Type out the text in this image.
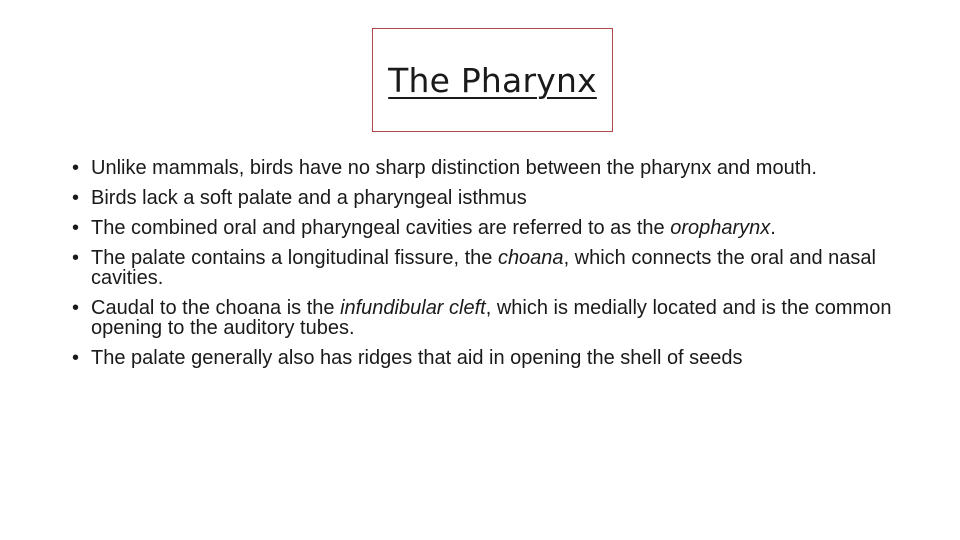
The Pharynx
• Unlike mammals, birds have no sharp distinction between the pharynx and mouth.
• Birds lack a soft palate and a pharyngeal isthmus
• The combined oral and pharyngeal cavities are referred to as the oropharynx.
• The palate contains a longitudinal fissure, the choana, which connects the oral and nasal cavities.
• Caudal to the choana is the infundibular cleft, which is medially located and is the common opening to the auditory tubes.
• The palate generally also has ridges that aid in opening the shell of seeds
